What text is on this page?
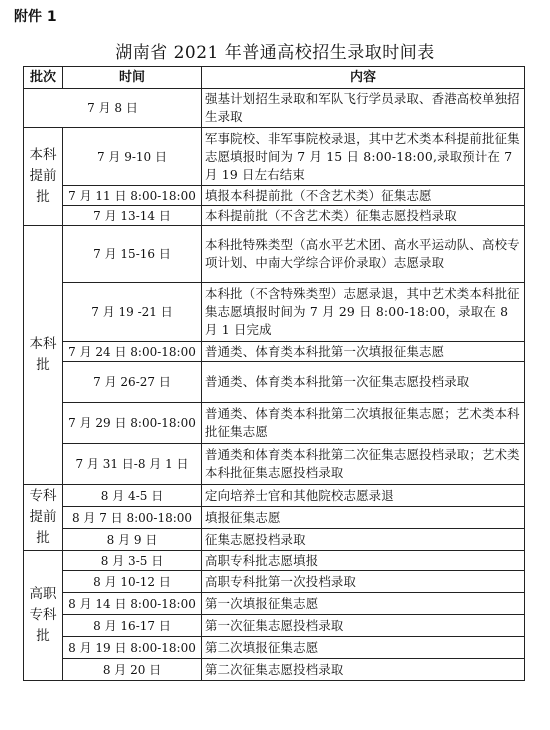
附件 1
湖南省 2021 年普通高校招生录取时间表
批次	时间	内容
7 月 8 日		强基计划招生录取和军队飞行学员录取、香港高校单独招生录取
本科提前批	7 月 9-10 日	军事院校、非军事院校录退，其中艺术类本科提前批征集志愿填报时间为 7 月 15 日 8:00-18:00,录取预计在 7 月 19 日左右结束
	7 月 11 日 8:00-18:00	填报本科提前批（不含艺术类）征集志愿
	7 月 13-14 日	本科提前批（不含艺术类）征集志愿投档录取
本科批	7 月 15-16 日	本科批特殊类型（高水平艺术团、高水平运动队、高校专项计划、中南大学综合评价录取）志愿录取
	7 月 19 -21 日	本科批（不含特殊类型）志愿录退，其中艺术类本科批征集志愿填报时间为 7 月 29 日 8:00-18:00，录取在 8 月 1 日完成
	7 月 24 日 8:00-18:00	普通类、体育类本科批第一次填报征集志愿
	7 月 26-27 日	普通类、体育类本科批第一次征集志愿投档录取
	7 月 29 日 8:00-18:00	普通类、体育类本科批第二次填报征集志愿；艺术类本科批征集志愿
	7 月 31 日-8 月 1 日	普通类和体育类本科批第二次征集志愿投档录取；艺术类本科批征集志愿投档录取
专科提前批	8 月 4-5 日	定向培养士官和其他院校志愿录退
	8 月 7 日 8:00-18:00	填报征集志愿
	8 月 9 日	征集志愿投档录取
高职专科批	8 月 3-5 日	高职专科批志愿填报
	8 月 10-12 日	高职专科批第一次投档录取
	8 月 14 日 8:00-18:00	第一次填报征集志愿
	8 月 16-17 日	第一次征集志愿投档录取
	8 月 19 日 8:00-18:00	第二次填报征集志愿
	8 月 20 日	第二次征集志愿投档录取
